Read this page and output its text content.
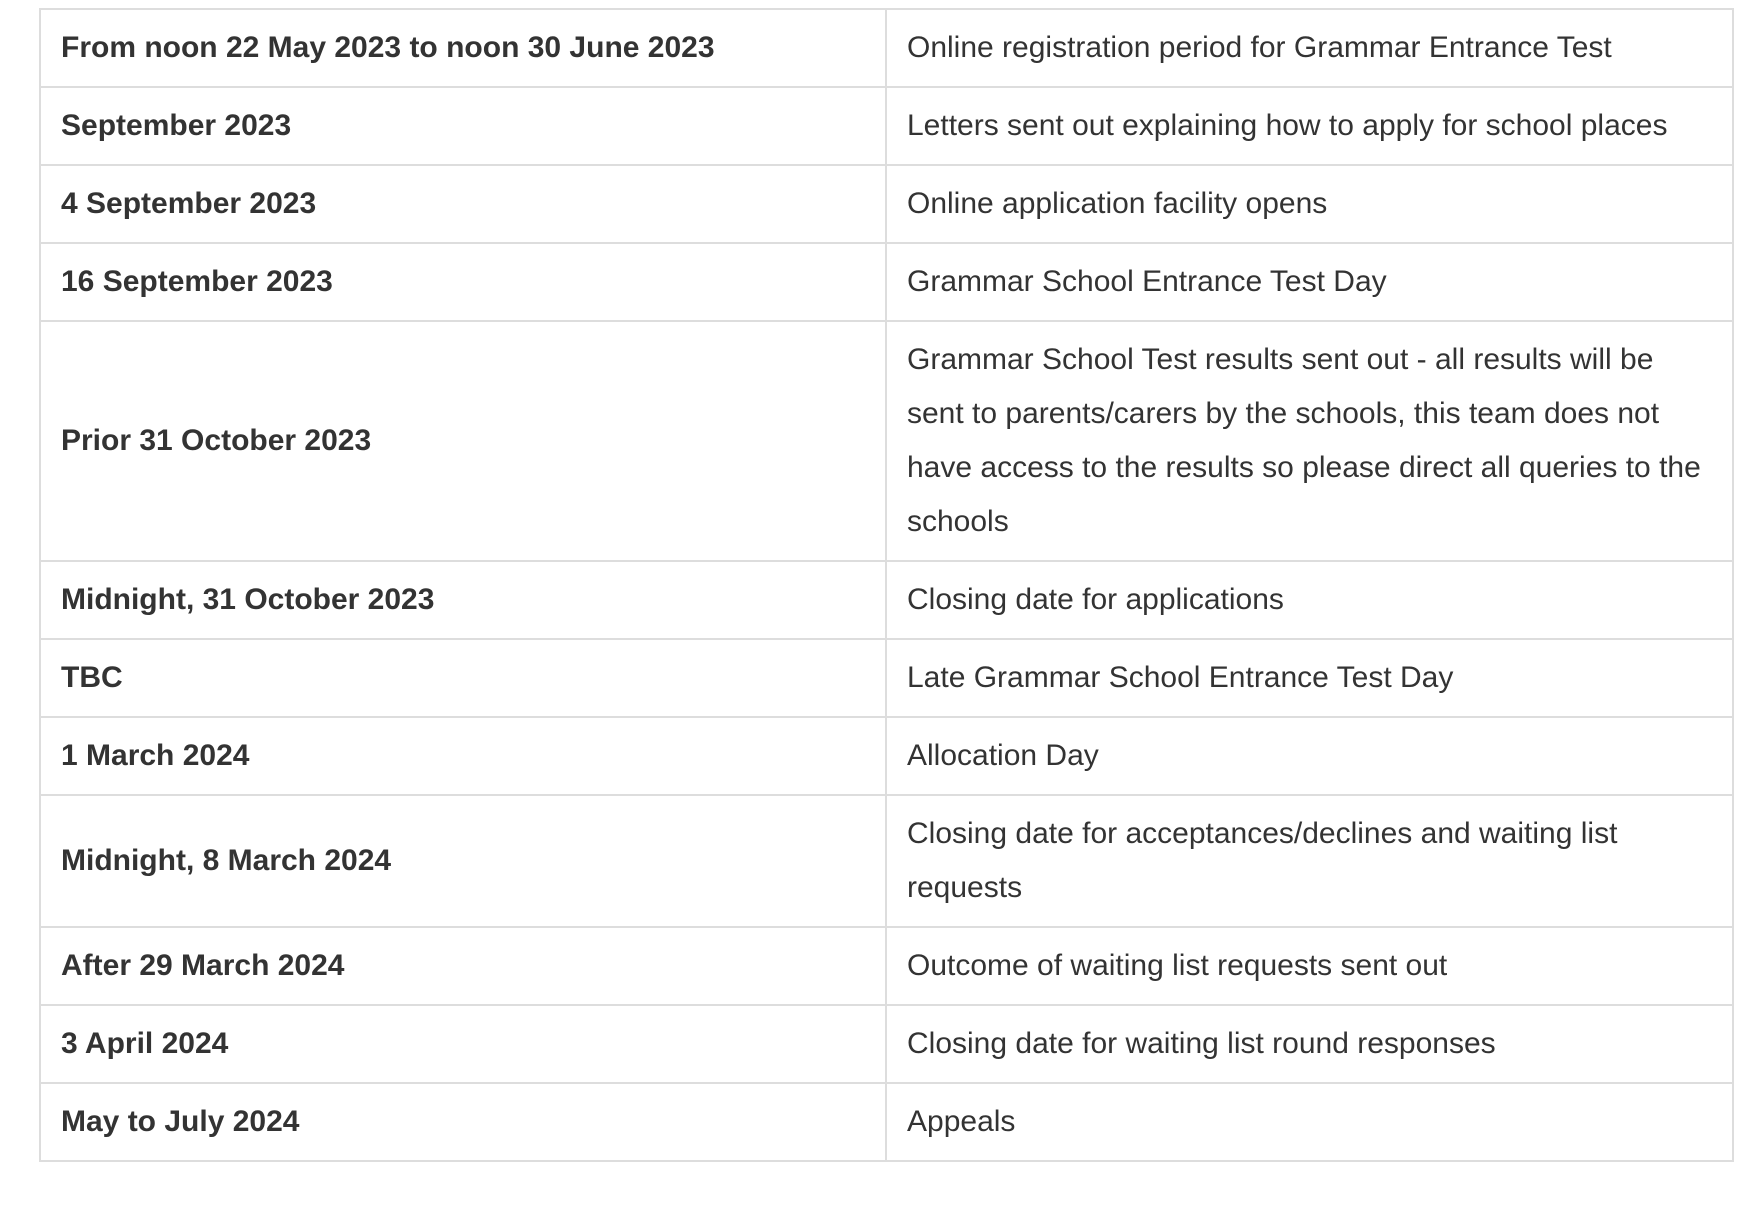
From noon 22 May 2023 to noon 30 June 2023	Online registration period for Grammar Entrance Test
September 2023	Letters sent out explaining how to apply for school places
4 September 2023	Online application facility opens
16 September 2023	Grammar School Entrance Test Day
Prior 31 October 2023	Grammar School Test results sent out - all results will be sent to parents/carers by the schools, this team does not have access to the results so please direct all queries to the schools
Midnight, 31 October 2023	Closing date for applications
TBC	Late Grammar School Entrance Test Day
1 March 2024	Allocation Day
Midnight, 8 March 2024	Closing date for acceptances/declines and waiting list requests
After 29 March 2024	Outcome of waiting list requests sent out
3 April 2024	Closing date for waiting list round responses
May to July 2024	Appeals
